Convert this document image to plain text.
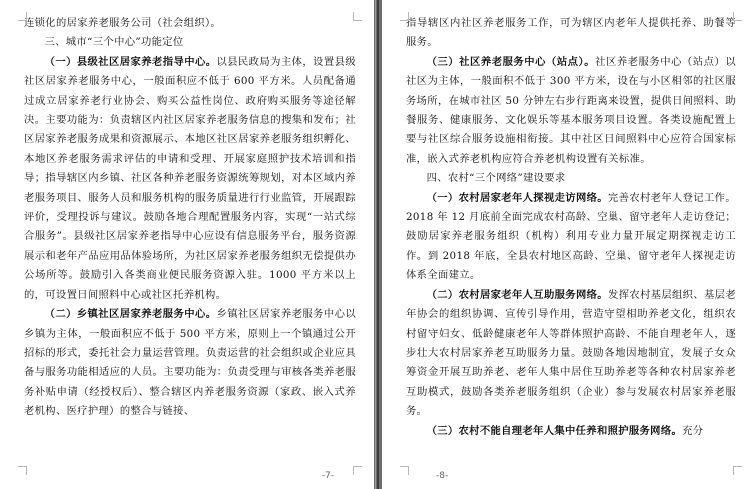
连锁化的居家养老服务公司（社会组织）。

三、城市“三个中心”功能定位

（一）县级社区居家养老指导中心。以县民政局为主体，设置县级社区居家养老服务中心，一般面积应不低于 600 平方米。人员配备通过成立居家养老行业协会、购买公益性岗位、政府购买服务等途径解决。主要功能为：负责辖区内社区居家养老服务信息的搜集和发布；社区居家养老服务成果和资源展示、本地区社区居家养老服务组织孵化、本地区养老服务需求评估的申请和受理、开展家庭照护技术培训和指导；指导辖区内乡镇、社区各种养老服务资源统筹规划，对本区域内养老服务项目、服务人员和服务机构的服务质量进行行业监管，开展跟踪评价，受理投诉与建议。鼓励各地合理配置服务内容，实现“一站式综合服务”。县级社区居家养老指导中心应设有信息服务平台，服务资源展示和老年产品应用品体验场所，为社区居家养老服务组织无偿提供办公场所等。鼓励引入各类商业便民服务资源入驻。1000 平方米以上的，可设置日间照料中心或社区托养机构。

（二）乡镇社区居家养老服务中心。乡镇社区居家养老服务中心以乡镇为主体，一般面积应不低于 500 平方米，原则上一个镇通过公开招标的形式，委托社会力量运营管理。负责运营的社会组织或企业应具备与服务功能相适应的人员。主要功能为：负责受理与审核各类养老服务补贴申请（经授权后）、整合辖区内养老服务资源（家政、嵌入式养老机构、医疗护理）的整合与链接、

-7-

指导辖区内社区养老服务工作，可为辖区内老年人提供托养、助餐等服务。

（三）社区养老服务中心（站点）。社区养老服务中心（站点）以社区为主体，一般面积不低于 300 平方米，设在与小区相邻的社区服务场所，在城市社区 50 分钟左右步行距离来设置，提供日间照料、助餐服务、健康服务、文化娱乐等基本服务项目设置。各类设施配置上要与社区综合服务设施相衔接。其中社区日间照料中心应符合国家标准，嵌入式养老机构应符合养老机构设置有关标准。

四、农村“三个网络”建设要求

（一）农村居家老年人探视走访网络。完善农村老年人登记工作。2018 年 12 月底前全面完成农村高龄、空巢、留守老年人走访登记；鼓励居家养老服务组织（机构）利用专业力量开展定期探视走访工作。到 2018 年底，全县农村地区高龄、空巢、留守老年人探视走访体系全面建立。

（二）农村居家老年人互助服务网络。发挥农村基层组织、基层老年协会的组织协调、宣传引导作用，营造守望相助养老文化，组织农村留守妇女、低龄健康老年人等群体照护高龄、不能自理老年人，逐步壮大农村居家养老互助服务力量。鼓励各地因地制宜，发展子女众筹资金开展互助养老、老年人集中居住互助养老等各种农村居家养老互助模式，鼓励各类养老服务组织（企业）参与发展农村居家养老服务。

（三）农村不能自理老年人集中任养和照护服务网络。充分

-8-
